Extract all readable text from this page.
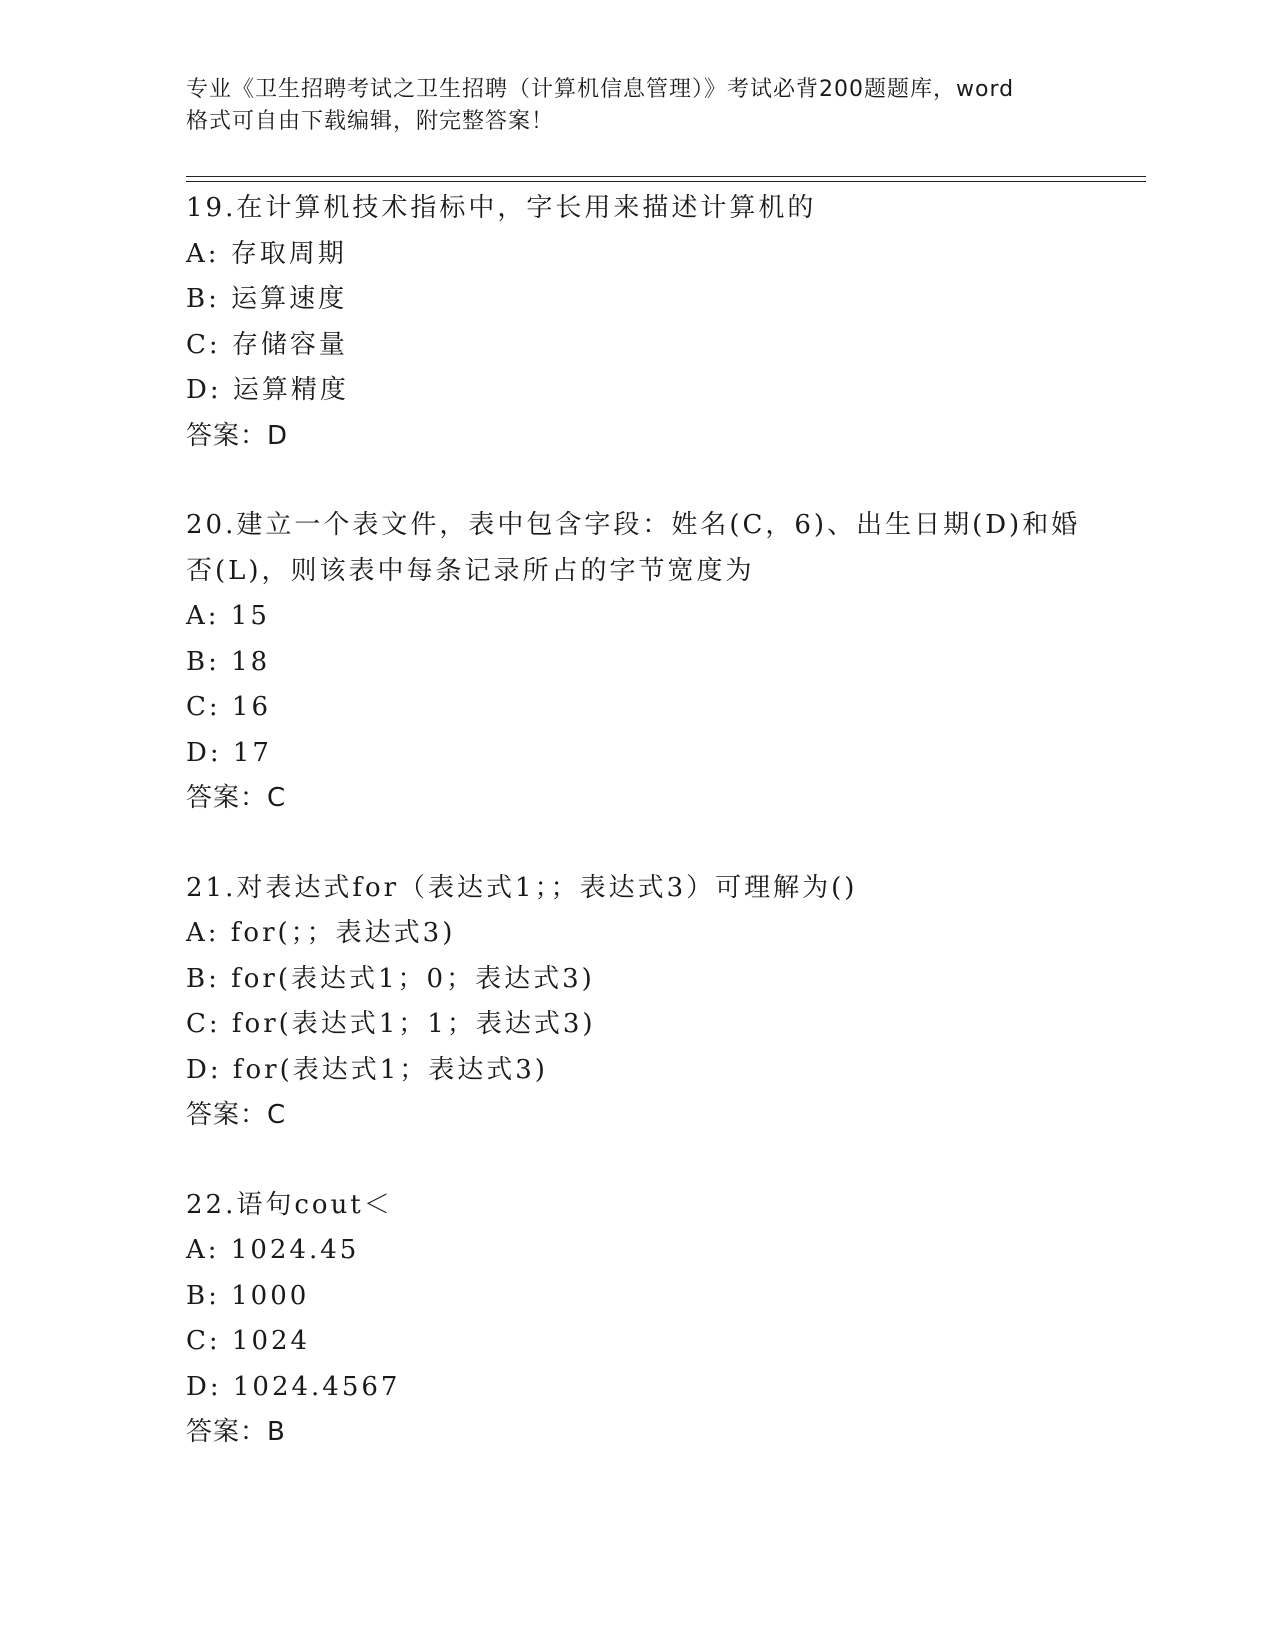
专业《卫生招聘考试之卫生招聘（计算机信息管理）》考试必背200题题库，word
格式可自由下载编辑，附完整答案！
19.在计算机技术指标中，字长用来描述计算机的
A: 存取周期
B: 运算速度
C: 存储容量
D: 运算精度
答案：D
20.建立一个表文件，表中包含字段：姓名(C，6)、出生日期(D)和婚
否(L)，则该表中每条记录所占的字节宽度为
A: 15
B: 18
C: 16
D: 17
答案：C
21.对表达式for（表达式1；；表达式3）可理解为()
A: for(；；表达式3)
B: for(表达式1；0；表达式3)
C: for(表达式1；1；表达式3)
D: for(表达式1；表达式3)
答案：C
22.语句cout＜
A: 1024.45
B: 1000
C: 1024
D: 1024.4567
答案：B
